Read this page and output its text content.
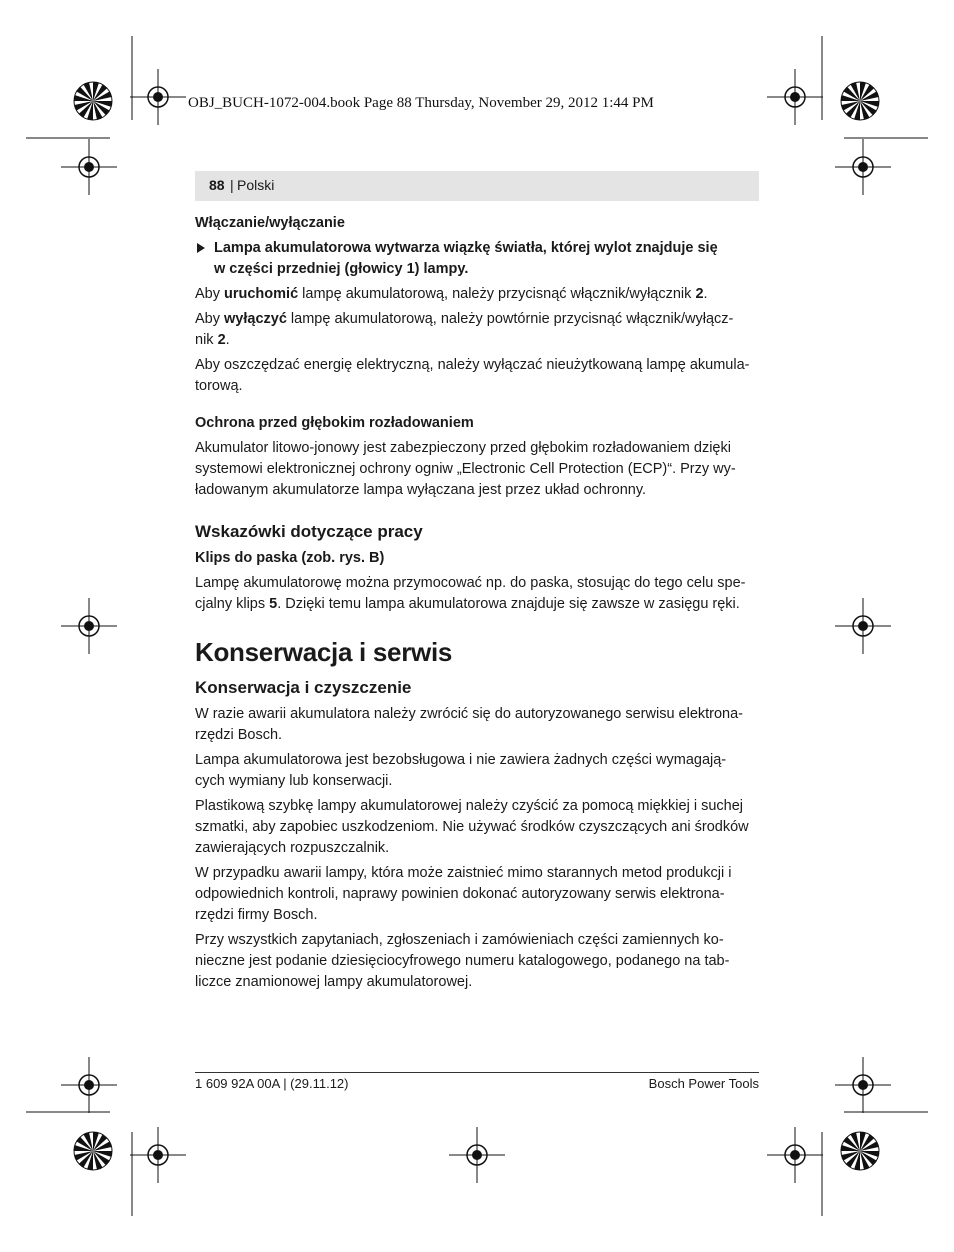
OBJ_BUCH-1072-004.book Page 88 Thursday, November 29, 2012 1:44 PM
88 | Polski
Włączanie/wyłączanie
Lampa akumulatorowa wytwarza wiązkę światła, której wylot znajduje się
w części przedniej (głowicy 1) lampy.

Aby uruchomić lampę akumulatorową, należy przycisnąć włącznik/wyłącznik 2.

Aby wyłączyć lampę akumulatorową, należy powtórnie przycisnąć włącznik/wyłącz-
nik 2.

Aby oszczędzać energię elektryczną, należy wyłączać nieużytkowaną lampę akumula-
torową.

Ochrona przed głębokim rozładowaniem

Akumulator litowo-jonowy jest zabezpieczony przed głębokim rozładowaniem dzięki
systemowi elektronicznej ochrony ogniw „Electronic Cell Protection (ECP)“. Przy wy-
ładowanym akumulatorze lampa wyłączana jest przez układ ochronny.

Wskazówki dotyczące pracy
Klips do paska (zob. rys. B)

Lampę akumulatorowę można przymocować np. do paska, stosując do tego celu spe-
cjalny klips 5. Dzięki temu lampa akumulatorowa znajduje się zawsze w zasięgu ręki.

Konserwacja i serwis
Konserwacja i czyszczenie

W razie awarii akumulatora należy zwrócić się do autoryzowanego serwisu elektrona-
rzędzi Bosch.

Lampa akumulatorowa jest bezobsługowa i nie zawiera żadnych części wymagają-
cych wymiany lub konserwacji.

Plastikową szybkę lampy akumulatorowej należy czyścić za pomocą miękkiej i suchej
szmatki, aby zapobiec uszkodzeniom. Nie używać środków czyszczących ani środków
zawierających rozpuszczalnik.

W przypadku awarii lampy, która może zaistnieć mimo starannych metod produkcji i
odpowiednich kontroli, naprawy powinien dokonać autoryzowany serwis elektrona-
rzędzi firmy Bosch.

Przy wszystkich zapytaniach, zgłoszeniach i zamówieniach części zamiennych ko-
nieczne jest podanie dziesięciocyfrowego numeru katalogowego, podanego na tab-
liczce znamionowej lampy akumulatorowej.

1 609 92A 00A | (29.11.12)	Bosch Power Tools
